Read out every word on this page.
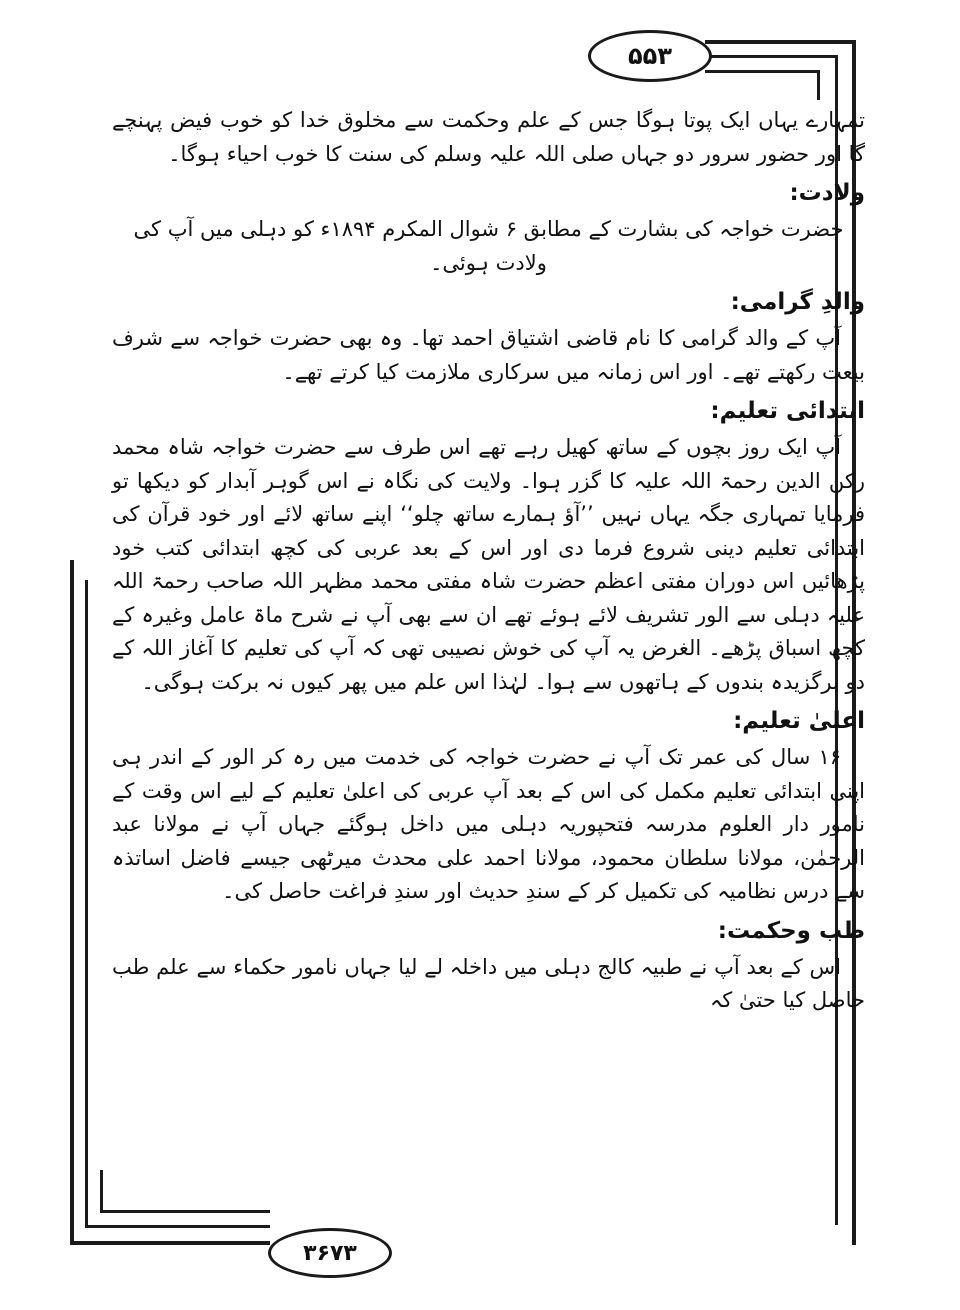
۵۵۳
۳۶۷۳

تمہارے یہاں ایک پوتا ہوگا جس کے علم وحکمت سے مخلوق خدا کو خوب فیض پہنچے گا اور حضور سرور دو جہاں صلی اللہ علیہ وسلم کی سنت کا خوب احیاء ہوگا۔

ولادت:

حضرت خواجہ کی بشارت کے مطابق ۶ شوال المکرم ۱۸۹۴ء کو دہلی میں آپ کی ولادت ہوئی۔

والدِ گرامی:

آپ کے والد گرامی کا نام قاضی اشتیاق احمد تھا۔ وہ بھی حضرت خواجہ سے شرف بیعت رکھتے تھے۔ اور اس زمانہ میں سرکاری ملازمت کیا کرتے تھے۔

ابتدائی تعلیم:

آپ ایک روز بچوں کے ساتھ کھیل رہے تھے اس طرف سے حضرت خواجہ شاہ محمد رکن الدین رحمۃ اللہ علیہ کا گزر ہوا۔ ولایت کی نگاہ نے اس گوہر آبدار کو دیکھا تو فرمایا تمہاری جگہ یہاں نہیں ’’آؤ ہمارے ساتھ چلو‘‘ اپنے ساتھ لائے اور خود قرآن کی ابتدائی تعلیم دینی شروع فرما دی اور اس کے بعد عربی کی کچھ ابتدائی کتب خود پڑھائیں اس دوران مفتی اعظم حضرت شاہ مفتی محمد مظہر اللہ صاحب رحمۃ اللہ علیہ دہلی سے الور تشریف لائے ہوئے تھے ان سے بھی آپ نے شرح ماۃ عامل وغیرہ کے کچھ اسباق پڑھے۔ الغرض یہ آپ کی خوش نصیبی تھی کہ آپ کی تعلیم کا آغاز اللہ کے دو برگزیدہ بندوں کے ہاتھوں سے ہوا۔ لہٰذا اس علم میں پھر کیوں نہ برکت ہوگی۔

اعلیٰ تعلیم:

۱۶ سال کی عمر تک آپ نے حضرت خواجہ کی خدمت میں رہ کر الور کے اندر ہی اپنی ابتدائی تعلیم مکمل کی اس کے بعد آپ عربی کی اعلیٰ تعلیم کے لیے اس وقت کے نامور دار العلوم مدرسہ فتحپوریہ دہلی میں داخل ہوگئے جہاں آپ نے مولانا عبد الرحمٰن، مولانا سلطان محمود، مولانا احمد علی محدث میرٹھی جیسے فاضل اساتذہ سے درس نظامیہ کی تکمیل کر کے سندِ حدیث اور سندِ فراغت حاصل کی۔

طب وحکمت:

اس کے بعد آپ نے طبیہ کالج دہلی میں داخلہ لے لیا جہاں نامور حکماء سے علم طب حاصل کیا حتیٰ کہ
